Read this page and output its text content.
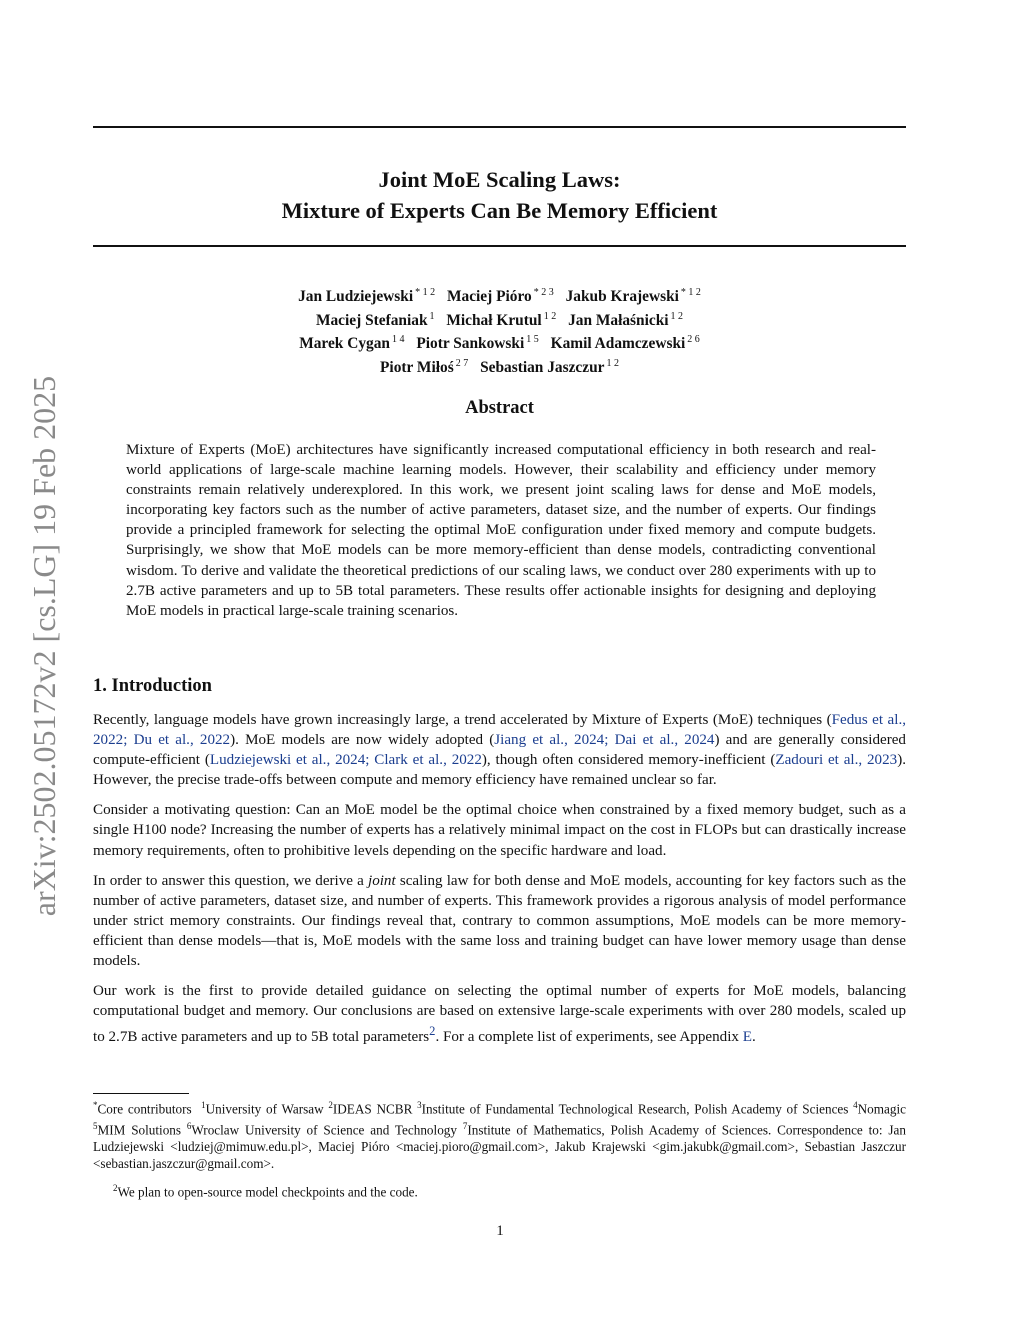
Joint MoE Scaling Laws:
Mixture of Experts Can Be Memory Efficient
Jan Ludziejewski $^{* 1 2}$ Maciej Pióro $^{* 2 3}$ Jakub Krajewski $^{* 1 2}$
Maciej Stefaniak $^1$ Michał Krutul $^{1 2}$ Jan Małaśnicki $^{1 2}$
Marek Cygan $^{1 4}$ Piotr Sankowski $^{1 5}$ Kamil Adamczewski $^{2 6}$
Piotr Miłoś $^{2 7}$ Sebastian Jaszczur $^{1 2}$
Abstract
Mixture of Experts (MoE) architectures have significantly increased computational efficiency in both research and real-world applications of large-scale machine learning models. However, their scalability and efficiency under memory constraints remain relatively underexplored. In this work, we present joint scaling laws for dense and MoE models, incorporating key factors such as the number of active parameters, dataset size, and the number of experts. Our findings provide a principled framework for selecting the optimal MoE configuration under fixed memory and compute budgets. Surprisingly, we show that MoE models can be more memory-efficient than dense models, contradicting conventional wisdom. To derive and validate the theoretical predictions of our scaling laws, we conduct over 280 experiments with up to 2.7B active parameters and up to 5B total parameters. These results offer actionable insights for designing and deploying MoE models in practical large-scale training scenarios.
1. Introduction

Recently, language models have grown increasingly large, a trend accelerated by Mixture of Experts (MoE) techniques (Fedus et al., 2022; Du et al., 2022). MoE models are now widely adopted (Jiang et al., 2024; Dai et al., 2024) and are generally considered compute-efficient (Ludziejewski et al., 2024; Clark et al., 2022), though often considered memory-inefficient (Zadouri et al., 2023). However, the precise trade-offs between compute and memory efficiency have remained unclear so far.

Consider a motivating question: Can an MoE model be the optimal choice when constrained by a fixed memory budget, such as a single H100 node? Increasing the number of experts has a relatively minimal impact on the cost in FLOPs but can drastically increase memory requirements, often to prohibitive levels depending on the specific hardware and load.

In order to answer this question, we derive a joint scaling law for both dense and MoE models, accounting for key factors such as the number of active parameters, dataset size, and number of experts. This framework provides a rigorous analysis of model performance under strict memory constraints. Our findings reveal that, contrary to common assumptions, MoE models can be more memory-efficient than dense models—that is, MoE models with the same loss and training budget can have lower memory usage than dense models.

Our work is the first to provide detailed guidance on selecting the optimal number of experts for MoE models, balancing computational budget and memory. Our conclusions are based on extensive large-scale experiments with over 280 models, scaled up to 2.7B active parameters and up to 5B total parameters$^2$. For a complete list of experiments, see Appendix E.

*Core contributors $^1$University of Warsaw $^2$IDEAS NCBR $^3$Institute of Fundamental Technological Research, Polish Academy of Sciences $^4$Nomagic $^5$MIM Solutions $^6$Wroclaw University of Science and Technology $^7$Institute of Mathematics, Polish Academy of Sciences. Correspondence to: Jan Ludziejewski <ludziej@mimuw.edu.pl>, Maciej Pióro <maciej.pioro@gmail.com>, Jakub Krajewski <gim.jakubk@gmail.com>, Sebastian Jaszczur <sebastian.jaszczur@gmail.com>.
$^2$We plan to open-source model checkpoints and the code.
1
arXiv:2502.05172v2 [cs.LG] 19 Feb 2025
